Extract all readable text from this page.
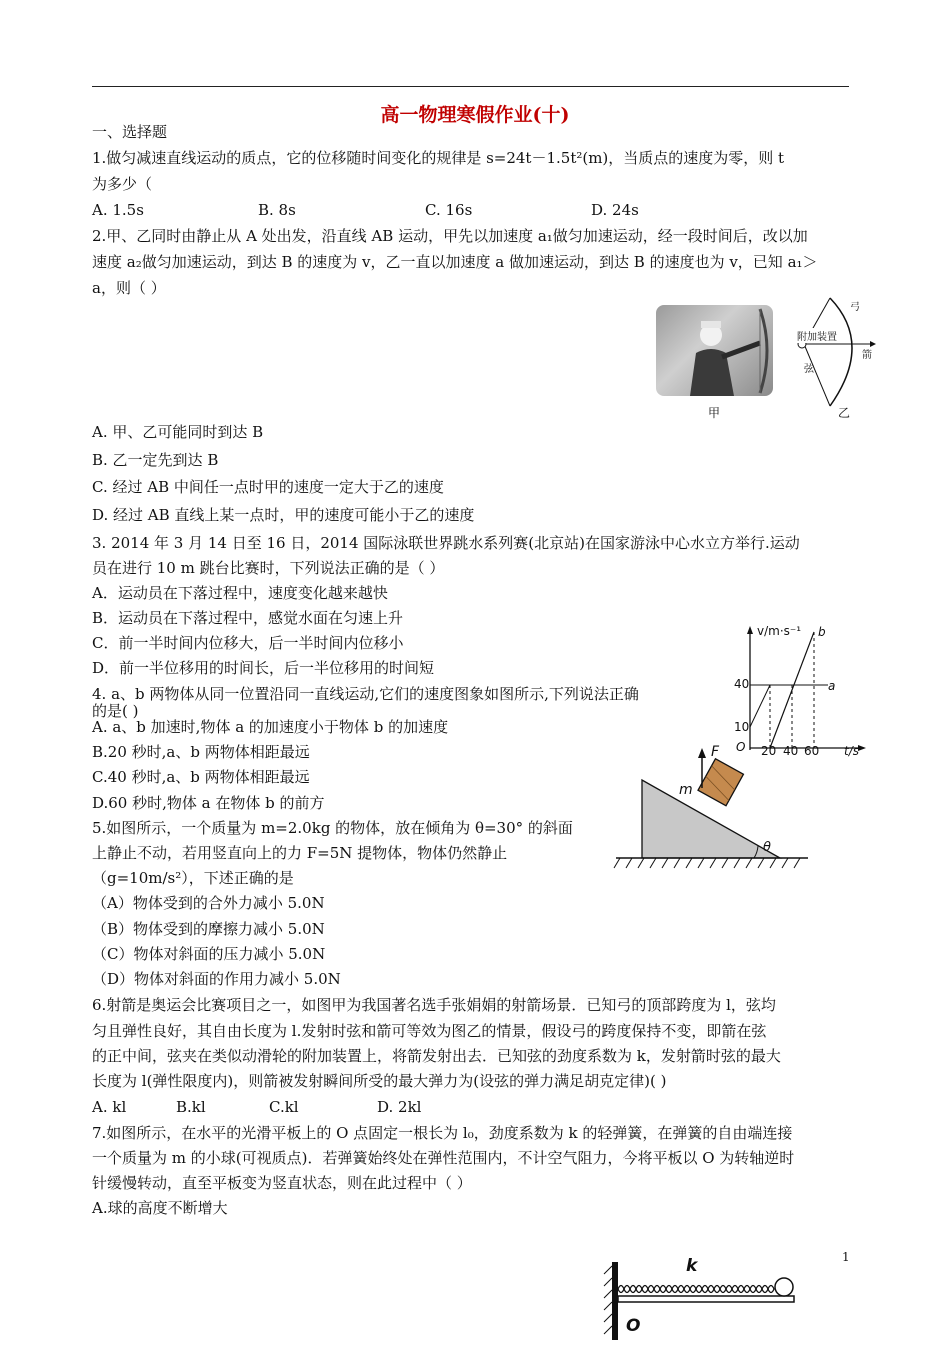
高一物理寒假作业(十)
一、选择题
1.做匀减速直线运动的质点，它的位移随时间变化的规律是 s=24t－1.5t²(m)，当质点的速度为零，则 t
为多少（
A. 1.5s	B. 8s	C. 16s	D. 24s
2.甲、乙同时由静止从 A 处出发，沿直线 AB 运动，甲先以加速度 a₁做匀加速运动，经一段时间后，改以加
速度 a₂做匀加速运动，到达 B 的速度为 v，乙一直以加速度 a 做加速运动，到达 B 的速度也为 v，已知 a₁＞
a，则（ ）
甲
弓
附加装置
箭
弦
乙
A. 甲、乙可能同时到达 B
B. 乙一定先到达 B
C. 经过 AB 中间任一点时甲的速度一定大于乙的速度
D. 经过 AB 直线上某一点时，甲的速度可能小于乙的速度
3. 2014 年 3 月 14 日至 16 日，2014 国际泳联世界跳水系列赛(北京站)在国家游泳中心水立方举行.运动
员在进行 10 m 跳台比赛时，下列说法正确的是（ ）
A．运动员在下落过程中，速度变化越来越快
B．运动员在下落过程中，感觉水面在匀速上升
C．前一半时间内位移大，后一半时间内位移小
D．前一半位移用的时间长，后一半位移用的时间短
v/m·s⁻¹ b
40	a
10
O 20 40 60 t/s
4. a、b 两物体从同一位置沿同一直线运动,它们的速度图象如图所示,下列说法正确
的是( )
A. a、b 加速时,物体 a 的加速度小于物体 b 的加速度
B.20 秒时,a、b 两物体相距最远
C.40 秒时,a、b 两物体相距最远
D.60 秒时,物体 a 在物体 b 的前方
F
m
θ
5.如图所示，一个质量为 m=2.0kg 的物体，放在倾角为 θ=30° 的斜面
上静止不动，若用竖直向上的力 F=5N 提物体，物体仍然静止
（g=10m/s²），下述正确的是
（A）物体受到的合外力减小 5.0N
（B）物体受到的摩擦力减小 5.0N
（C）物体对斜面的压力减小 5.0N
（D）物体对斜面的作用力减小 5.0N
6.射箭是奥运会比赛项目之一，如图甲为我国著名选手张娟娟的射箭场景．已知弓的顶部跨度为 l，弦均
匀且弹性良好，其自由长度为 l.发射时弦和箭可等效为图乙的情景，假设弓的跨度保持不变，即箭在弦
的正中间，弦夹在类似动滑轮的附加装置上，将箭发射出去．已知弦的劲度系数为 k，发射箭时弦的最大
长度为 l(弹性限度内)，则箭被发射瞬间所受的最大弹力为(设弦的弹力满足胡克定律)( )
A. kl	B.kl	C.kl	D. 2kl
7.如图所示，在水平的光滑平板上的 O 点固定一根长为 l₀，劲度系数为 k 的轻弹簧，在弹簧的自由端连接
一个质量为 m 的小球(可视质点)．若弹簧始终处在弹性范围内，不计空气阻力，今将平板以 O 为转轴逆时
针缓慢转动，直至平板变为竖直状态，则在此过程中（ ）
A.球的高度不断增大
1
k
O
